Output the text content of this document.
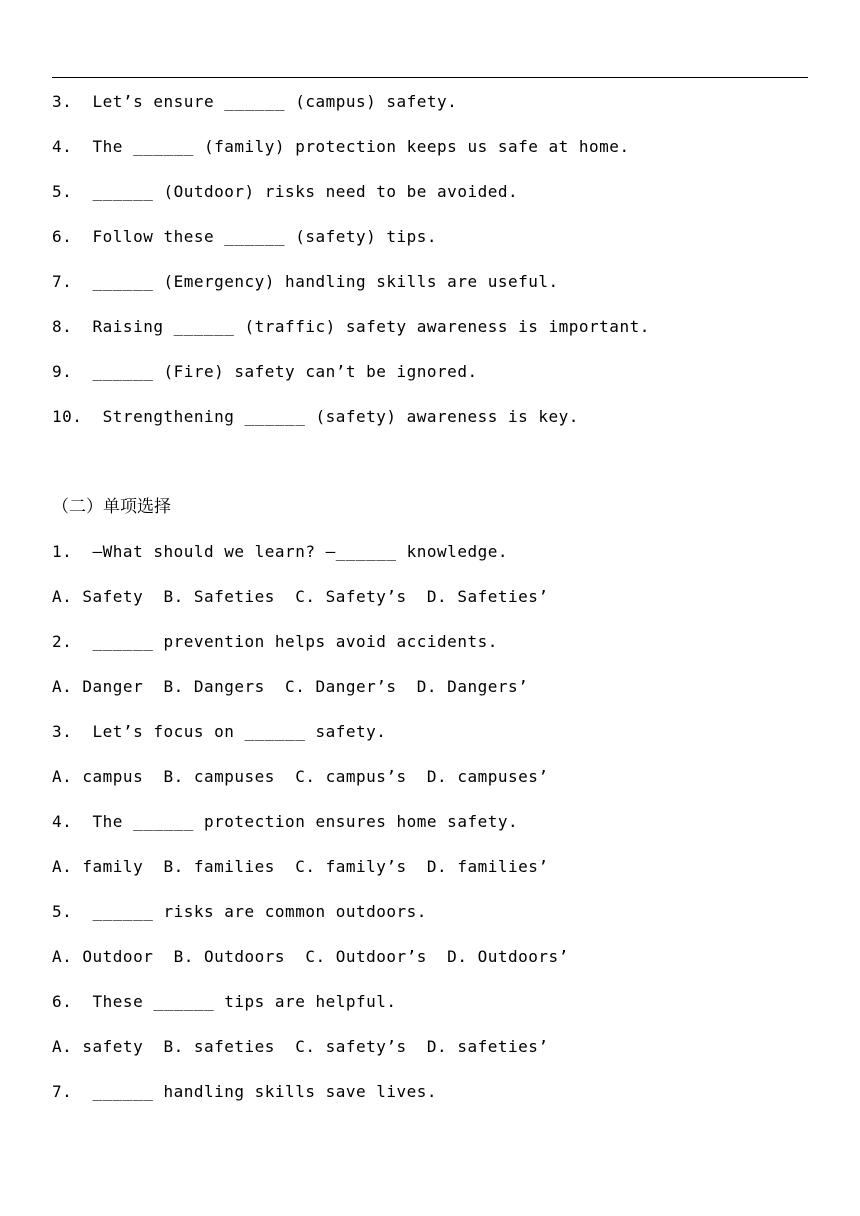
3.  Let’s ensure ______ (campus) safety.
4.  The ______ (family) protection keeps us safe at home.
5.  ______ (Outdoor) risks need to be avoided.
6.  Follow these ______ (safety) tips.
7.  ______ (Emergency) handling skills are useful.
8.  Raising ______ (traffic) safety awareness is important.
9.  ______ (Fire) safety can’t be ignored.
10.  Strengthening ______ (safety) awareness is key.
（二）单项选择
1.  —What should we learn? —______ knowledge.
A. Safety  B. Safeties  C. Safety’s  D. Safeties’
2.  ______ prevention helps avoid accidents.
A. Danger  B. Dangers  C. Danger’s  D. Dangers’
3.  Let’s focus on ______ safety.
A. campus  B. campuses  C. campus’s  D. campuses’
4.  The ______ protection ensures home safety.
A. family  B. families  C. family’s  D. families’
5.  ______ risks are common outdoors.
A. Outdoor  B. Outdoors  C. Outdoor’s  D. Outdoors’
6.  These ______ tips are helpful.
A. safety  B. safeties  C. safety’s  D. safeties’
7.  ______ handling skills save lives.
